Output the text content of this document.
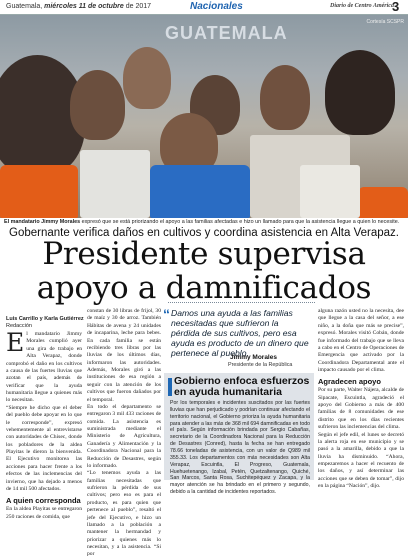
Guatemala, miércoles 11 de octubre de 2017	Nacionales	Diario de Centro América
3
GUATEMALA
Cortesía SCSPR
El mandatario Jimmy Morales expresó que se está priorizando el apoyo a las familias afectadas e hizo un llamado para que la asistencia llegue a quien lo necesite.
Gobernante verifica daños en cultivos y coordina asistencia en Alta Verapaz.
Presidente supervisa
apoyo a damnificados
Luis Carrillo y Karla Gutiérrez
Redacción

El mandatario Jimmy Morales cumplió ayer una gira de trabajo en Alta Verapaz, donde comprobó el daño en los cultivos a causa de las fuertes lluvias que azotan el país, además de verificar que la ayuda humanitaria llegue a quienes más lo necesitan.

“Siempre he dicho que el deber del pueblo debe apoyar en lo que le corresponde”, expresó vehementemente al entrevistarse con autoridades de Chisec, donde los pobladores de la aldea Playitas le dieron la bienvenida. El Ejecutivo monitorea las acciones para hacer frente a los efectos de las inclemencias del invierno, que ha dejado a menos de 14 mil 500 afectados.

A quien corresponda

En la aldea Playitas se entregaron 250 raciones de comida, que

constan de 30 libras de frijol, 30 de maíz y 30 de arroz. También Hábitas de avena y 24 unidades de incaparina, leche para bebes. En cada familia se están recibiendo tres libras por las lluvias de los últimos días, informaron las autoridades. Además, Morales giró a las instituciones de esa región a seguir con la atención de los cultivos que fueron dañados por el temporal.

En todo el departamento se entregaron 3 mil 433 raciones de comida. La asistencia es suministrada mediante el Ministerio de Agricultura, Ganadería y Alimentación y la Coordinadora Nacional para la Reducción de Desastres, según lo informado.

“Lo tenemos ayuda a las familias necesitadas que sufrieron la pérdida de sus cultivos; pero eso es para el producto, es para quien que pertenece al pueblo”, resaltó el jefe del Ejecutivo, e hizo un llamado a la población a mantener la hermandad y priorizar a quienes más lo necesitan, y a la asistencia. “Si por

“ Damos una ayuda a las familias necesitadas que sufrieron la pérdida de sus cultivos, pero esa ayuda es producto de un dinero que pertenece al pueblo.
Jimmy Morales
Presidente de la República
Gobierno enfoca esfuerzos en ayuda humanitaria
Por los temporales e incidentes suscitados por las fuertes lluvias que han perjudicado y podrían continuar afectando el territorio nacional, el Gobierno prioriza la ayuda humanitaria para atender a las más de 368 mil 694 damnificadas en todo el país. Según información brindada por Sergio Cabañas, secretario de la Coordinadora Nacional para la Reducción de Desastres (Conred), hasta la fecha se han entregado 78.66 toneladas de asistencia, con un valor de Q989 mil 355.33. Los departamentos con más necesidades son Alta Verapaz, Escuintla, El Progreso, Guatemala, Huehuetenango, Izabal, Petén, Quetzaltenango, Quiché, San Marcos, Santa Rosa, Suchitepéquez y Zacapa, y la mayor atención se ha brindado en el primero y segundo, debido a la cantidad de incidentes reportados.

alguna razón usted no la necesita, dee que llegue a la casa del señor, a ese niño, a la doña que más se precise”, expresó. Morales visitó Cobán, donde fue informado del trabajo que se lleva a cabo en el Centro de Operaciones de Emergencia que activado por la Coordinadora Departamental ante el impacto causado por el clima.

Agradecen apoyo

Por su parte, Walter Nájera, alcalde de Sipacate, Escuintla, agradeció el apoyo del Gobierno a más de 400 familias de 8 comunidades de ese distrito que en los días recientes sufrieron las inclemencias del clima.

Según el jefe edil, el lunes se decretó la alerta roja en ese municipio y se pasó a la amarilla, debido a que la lluvia ha disminuido. “Ahora, empezaremos a hacer el recuento de los daños, y así determinar las acciones que se deben de tomar”, dijo en la página “Nación”, dijo.
